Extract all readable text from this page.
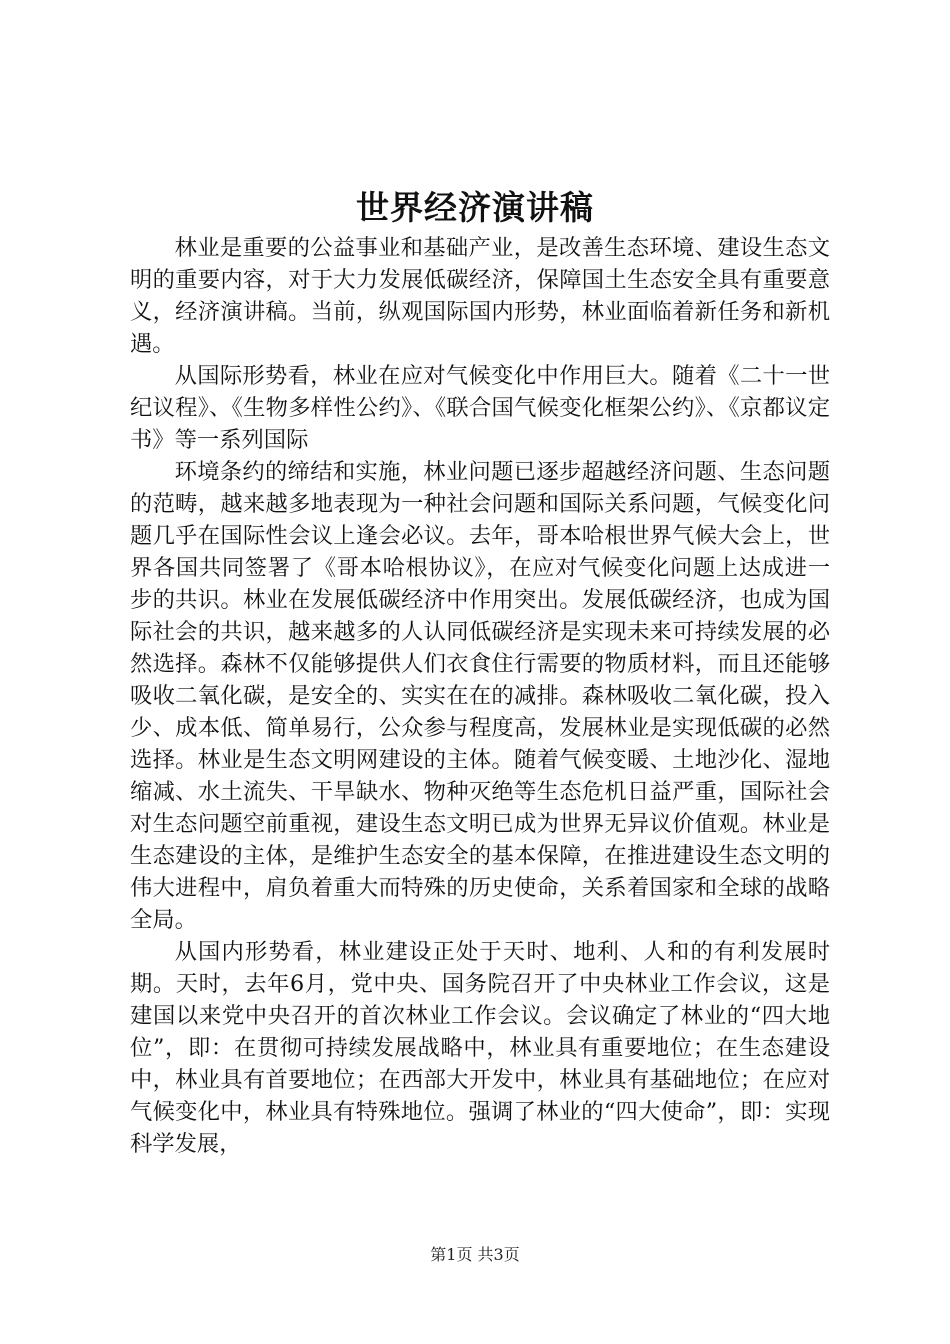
世界经济演讲稿

林业是重要的公益事业和基础产业，是改善生态环境、建设生态文明的重要内容，对于大力发展低碳经济，保障国土生态安全具有重要意义，经济演讲稿。当前，纵观国际国内形势，林业面临着新任务和新机遇。

从国际形势看，林业在应对气候变化中作用巨大。随着《二十一世纪议程》、《生物多样性公约》、《联合国气候变化框架公约》、《京都议定书》等一系列国际

环境条约的缔结和实施，林业问题已逐步超越经济问题、生态问题的范畴，越来越多地表现为一种社会问题和国际关系问题，气候变化问题几乎在国际性会议上逢会必议。去年，哥本哈根世界气候大会上，世界各国共同签署了《哥本哈根协议》，在应对气候变化问题上达成进一步的共识。林业在发展低碳经济中作用突出。发展低碳经济，也成为国际社会的共识，越来越多的人认同低碳经济是实现未来可持续发展的必然选择。森林不仅能够提供人们衣食住行需要的物质材料，而且还能够吸收二氧化碳，是安全的、实实在在的减排。森林吸收二氧化碳，投入少、成本低、简单易行，公众参与程度高，发展林业是实现低碳的必然选择。林业是生态文明网建设的主体。随着气候变暖、土地沙化、湿地缩减、水土流失、干旱缺水、物种灭绝等生态危机日益严重，国际社会对生态问题空前重视，建设生态文明已成为世界无异议价值观。林业是生态建设的主体，是维护生态安全的基本保障，在推进建设生态文明的伟大进程中，肩负着重大而特殊的历史使命，关系着国家和全球的战略全局。

从国内形势看，林业建设正处于天时、地利、人和的有利发展时期。天时，去年6月，党中央、国务院召开了中央林业工作会议，这是建国以来党中央召开的首次林业工作会议。会议确定了林业的“四大地位”，即：在贯彻可持续发展战略中，林业具有重要地位；在生态建设中，林业具有首要地位；在西部大开发中，林业具有基础地位；在应对气候变化中，林业具有特殊地位。强调了林业的“四大使命”，即：实现科学发展，

第1页 共3页
